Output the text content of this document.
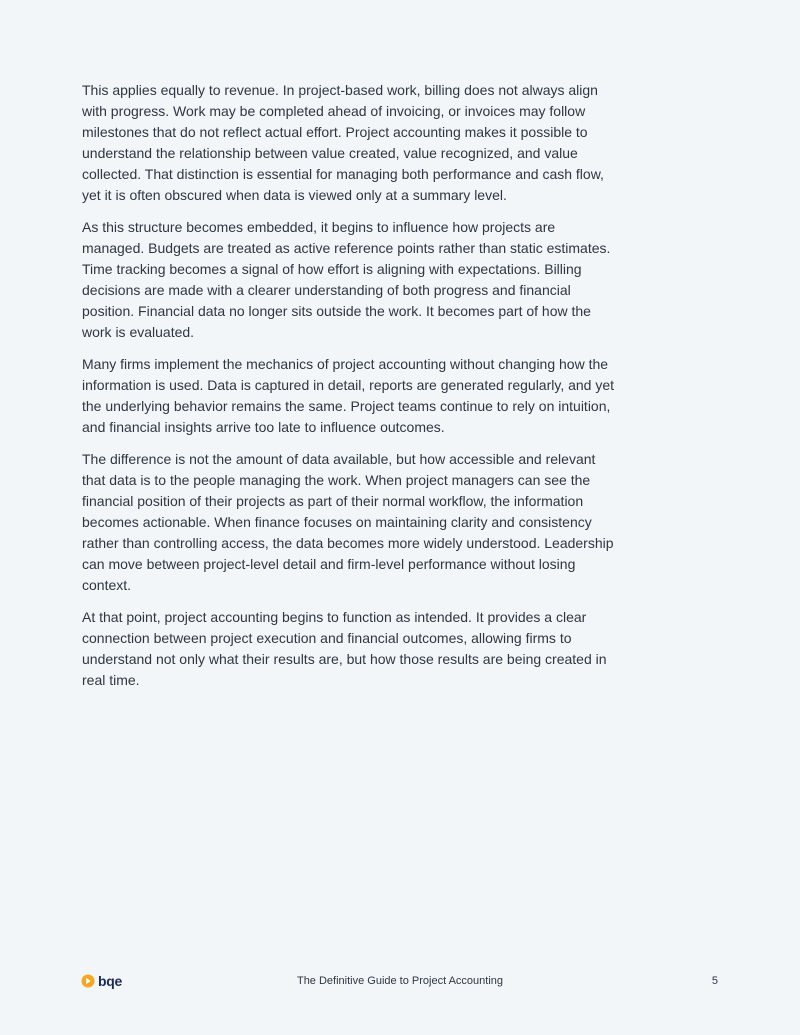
This applies equally to revenue. In project-based work, billing does not always align with progress. Work may be completed ahead of invoicing, or invoices may follow milestones that do not reflect actual effort. Project accounting makes it possible to understand the relationship between value created, value recognized, and value collected. That distinction is essential for managing both performance and cash flow, yet it is often obscured when data is viewed only at a summary level.

As this structure becomes embedded, it begins to influence how projects are managed. Budgets are treated as active reference points rather than static estimates. Time tracking becomes a signal of how effort is aligning with expectations. Billing decisions are made with a clearer understanding of both progress and financial position. Financial data no longer sits outside the work. It becomes part of how the work is evaluated.

Many firms implement the mechanics of project accounting without changing how the information is used. Data is captured in detail, reports are generated regularly, and yet the underlying behavior remains the same. Project teams continue to rely on intuition, and financial insights arrive too late to influence outcomes.

The difference is not the amount of data available, but how accessible and relevant that data is to the people managing the work. When project managers can see the financial position of their projects as part of their normal workflow, the information becomes actionable. When finance focuses on maintaining clarity and consistency rather than controlling access, the data becomes more widely understood. Leadership can move between project-level detail and firm-level performance without losing context.

At that point, project accounting begins to function as intended. It provides a clear connection between project execution and financial outcomes, allowing firms to understand not only what their results are, but how those results are being created in real time.

bqe	The Definitive Guide to Project Accounting	5
